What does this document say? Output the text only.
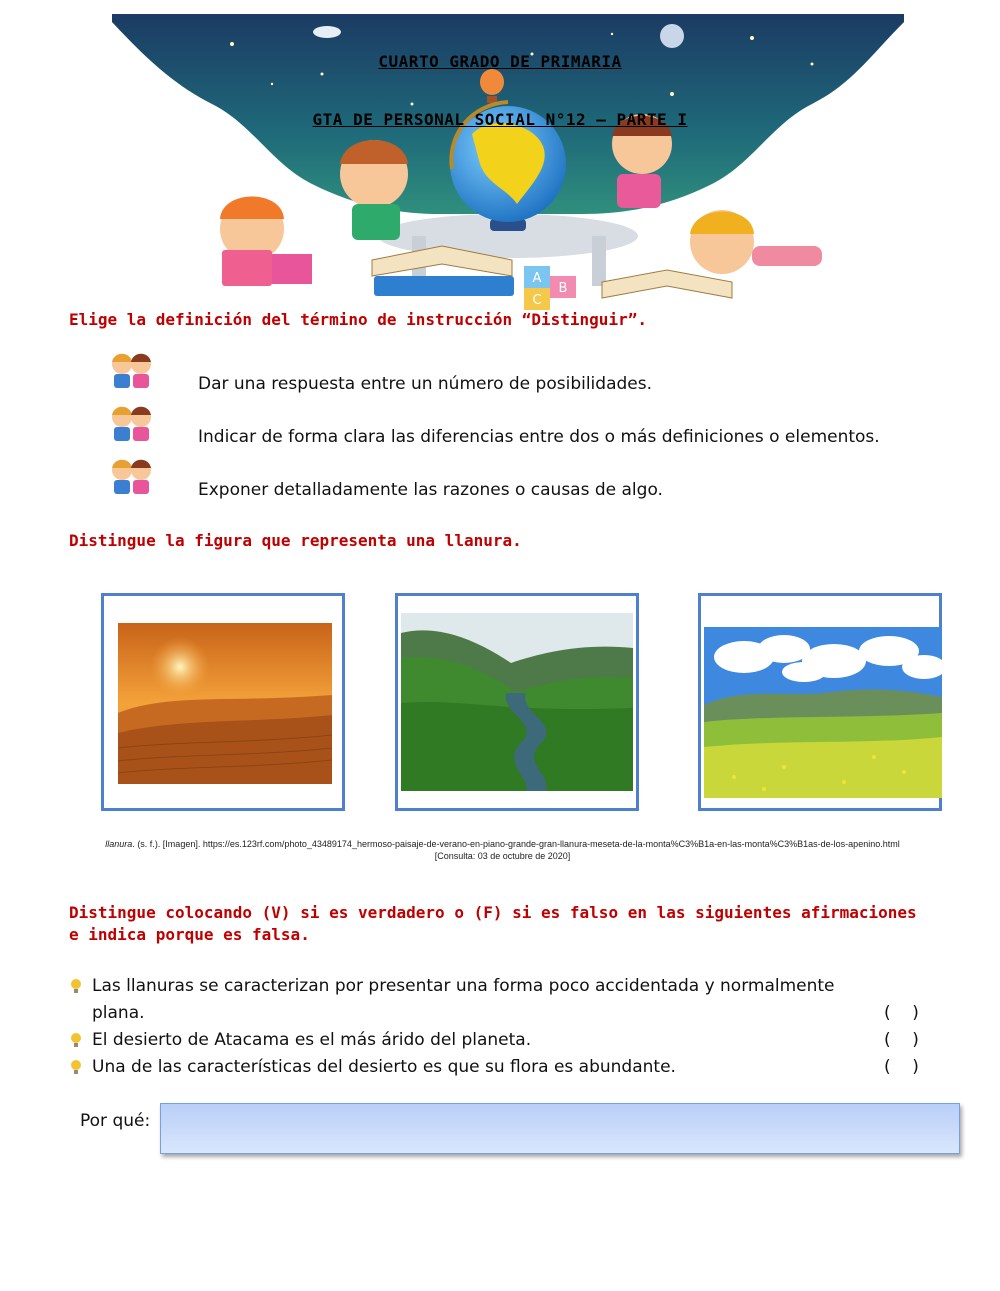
A
B
C
CUARTO GRADO DE PRIMARIA
GTA DE PERSONAL SOCIAL N°12 – PARTE I
Elige la definición del término de instrucción “Distinguir”.
Dar una respuesta entre un número de posibilidades.
Indicar de forma clara las diferencias entre dos o más definiciones o elementos.
Exponer detalladamente las razones o causas de algo.
Distingue la figura que representa una llanura.
llanura. (s. f.). [Imagen]. https://es.123rf.com/photo_43489174_hermoso-paisaje-de-verano-en-piano-grande-gran-llanura-meseta-de-la-monta%C3%B1a-en-las-monta%C3%B1as-de-los-apenino.html [Consulta: 03 de octubre de 2020]
Distingue colocando (V) si es verdadero o (F) si es falso en las siguientes afirmaciones e indica porque es falsa.
Las llanuras se caracterizan por presentar una forma poco accidentada y normalmente
plana.	(    )
El desierto de Atacama es el más árido del planeta.	(    )
Una de las características del desierto es que su flora es abundante.	(    )
Por qué:
